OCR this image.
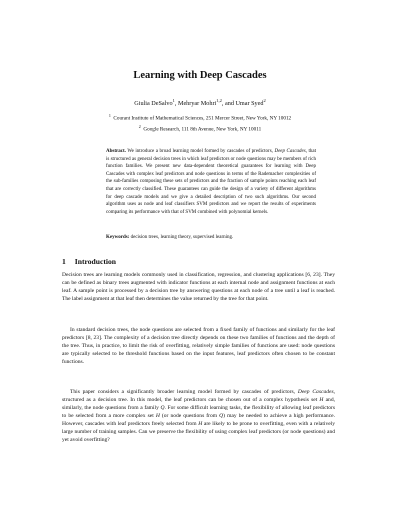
Learning with Deep Cascades
Giulia DeSalvo$^1$, Mehryar Mohri$^{1,2}$, and Umar Syed$^2$
$^1$  Courant Institute of Mathematical Sciences, 251 Mercer Street, New York, NY 10012
$^2$  Google Research, 111 8th Avenue, New York, NY 10011

Abstract. We introduce a broad learning model formed by cascades of predictors, Deep Cascades, that is structured as general decision trees in which leaf predictors or node questions may be members of rich function families. We present new data-dependent theoretical guarantees for learning with Deep Cascades with complex leaf predictors and node questions in terms of the Rademacher complexities of the sub-families composing these sets of predictors and the fraction of sample points reaching each leaf that are correctly classified. These guarantees can guide the design of a variety of different algorithms for deep cascade models and we give a detailed description of two such algorithms. Our second algorithm uses as node and leaf classifiers SVM predictors and we report the results of experiments comparing its performance with that of SVM combined with polynomial kernels.

Keywords: decision trees, learning theory, supervised learning.

1 Introduction

Decision trees are learning models commonly used in classification, regression, and clustering applications [6, 23]. They can be defined as binary trees augmented with indicator functions at each internal node and assignment functions at each leaf. A sample point is processed by a decision tree by answering questions at each node of a tree until a leaf is reached. The label assignment at that leaf then determines the value returned by the tree for that point.

In standard decision trees, the node questions are selected from a fixed family of functions and similarly for the leaf predictors [8, 23]. The complexity of a decision tree directly depends on these two families of functions and the depth of the tree. Thus, in practice, to limit the risk of overfitting, relatively simple families of functions are used: node questions are typically selected to be threshold functions based on the input features, leaf predictors often chosen to be constant functions.

This paper considers a significantly broader learning model formed by cascades of predictors, Deep Cascades, structured as a decision tree. In this model, the leaf predictors can be chosen out of a complex hypothesis set H and, similarly, the node questions from a family Q. For some difficult learning tasks, the flexibility of allowing leaf predictors to be selected from a more complex set H (or node questions from Q) may be needed to achieve a high performance. However, cascades with leaf predictors freely selected from H are likely to be prone to overfitting, even with a relatively large number of training samples. Can we preserve the flexibility of using complex leaf predictors (or node questions) and yet avoid overfitting?
